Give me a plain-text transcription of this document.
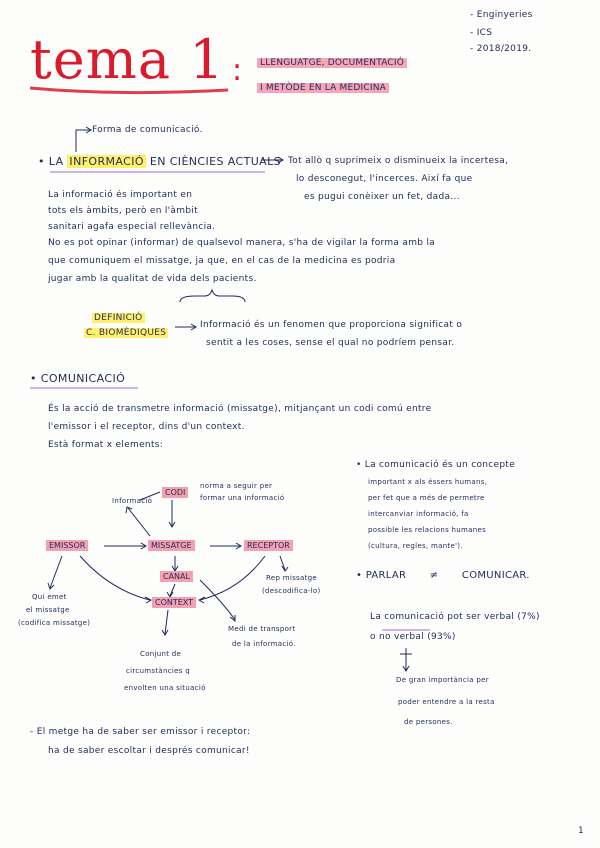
tema 1 :	LLENGUATGE, DOCUMENTACIÓ
I METÒDE EN LA MEDICINA
- Enginyeries
- ICS
- 2018/2019.
Forma de comunicació.
• LA INFORMACIÓ EN CIÈNCIES ACTUALS Tot allò q suprimeix o disminueix la incertesa,
lo desconegut, l'incerces. Així fa que
es pugui conèixer un fet, dada...
La informació és important en
tots els àmbits, però en l'àmbit
sanitari agafa especial rellevància.
No es pot opinar (informar) de qualsevol manera, s'ha de vigilar la forma amb la
que comuniquem el missatge, ja que, en el cas de la medicina es podria
jugar amb la qualitat de vida dels pacients.
DEFINICIÓ
C. BIOMÈDIQUES
Informació és un fenomen que proporciona significat o
sentit a les coses, sense el qual no podríem pensar.
• COMUNICACIÓ
És la acció de transmetre informació (missatge), mitjançant un codi comú entre
l'emissor i el receptor, dins d'un context.
Està format x elements:
CODI
EMISSOR	MISSATGE	RECEPTOR
CANAL
CONTEXT
Informació
norma a seguir per
formar una informació
Qui emet
el missatge
(codifica missatge)
Rep missatge
(descodifica-lo)
Medi de transport
de la informació.
Conjunt de
circumstàncies q
envolten una situació
• La comunicació és un concepte
important x als éssers humans,
per fet que a més de permetre
intercanviar informació, fa
possible les relacions humanes
(cultura, regles, mante').
• PARLAR ≠ COMUNICAR.
La comunicació pot ser verbal (7%)
o no verbal (93%)
De gran importància per
poder entendre a la resta
de persones.
- El metge ha de saber ser emissor i receptor:
ha de saber escoltar i després comunicar!
1
